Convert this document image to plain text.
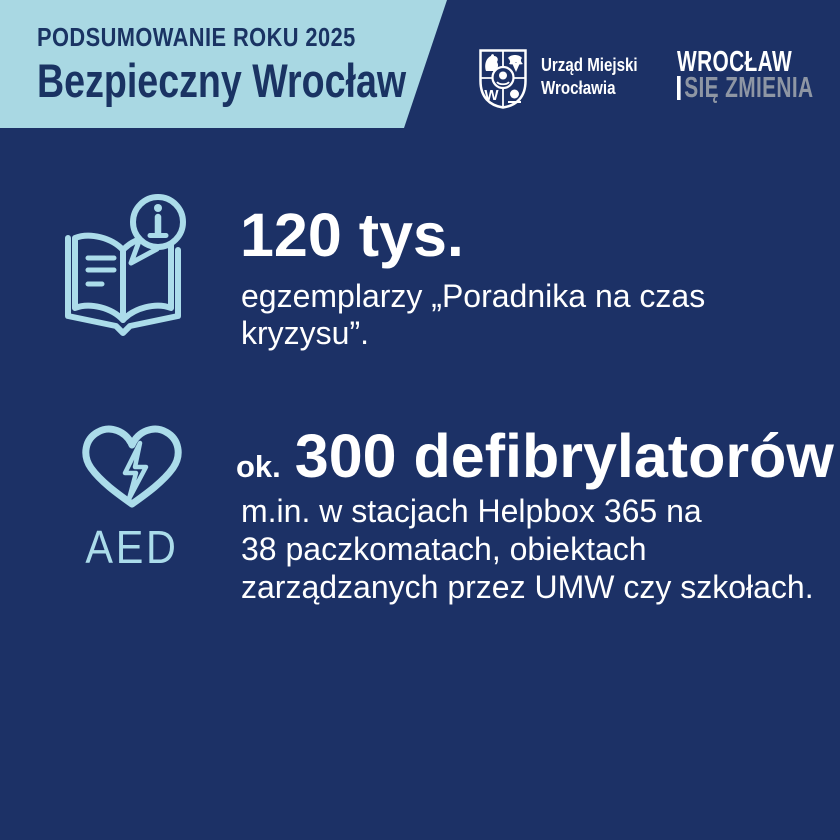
PODSUMOWANIE ROKU 2025
Bezpieczny Wrocław	W
Urząd Miejski
Wrocławia
WROCŁAW
SIĘ ZMIENIA
120 tys.
egzemplarzy „Poradnika na czas
kryzysu”.
AED
ok. 300 defibrylatorów
m.in. w stacjach Helpbox 365 na
38 paczkomatach, obiektach
zarządzanych przez UMW czy szkołach.
